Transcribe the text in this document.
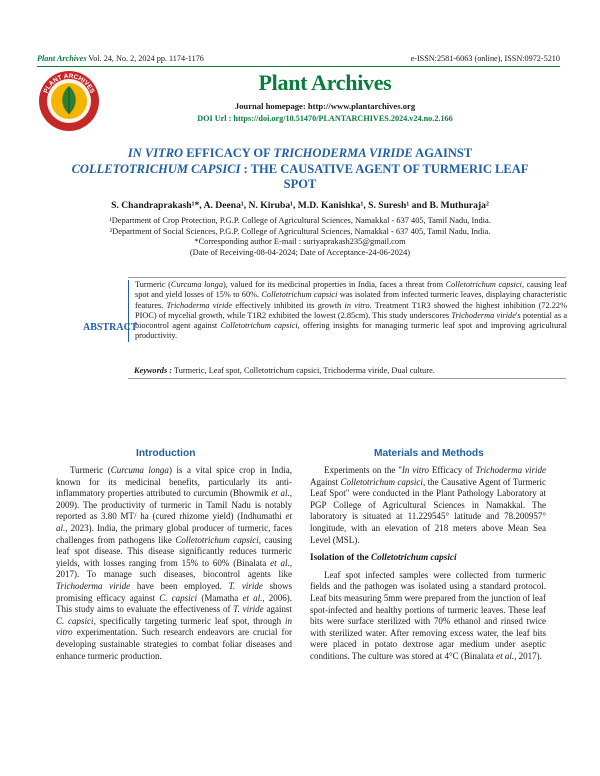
Plant Archives Vol. 24, No. 2, 2024 pp. 1174-1176	e-ISSN:2581-6063 (online), ISSN:0972-5210
PLANT ARCHIVES	Plant Archives
Journal homepage: http://www.plantarchives.org
DOI Url : https://doi.org/10.51470/PLANTARCHIVES.2024.v24.no.2.166
IN VITRO EFFICACY OF TRICHODERMA VIRIDE AGAINST
COLLETOTRICHUM CAPSICI : THE CAUSATIVE AGENT OF TURMERIC LEAF SPOT
S. Chandraprakash¹*, A. Deena¹, N. Kiruba¹, M.D. Kanishka¹, S. Suresh¹ and B. Muthuraja²
¹Department of Crop Protection, P.G.P. College of Agricultural Sciences, Namakkal - 637 405, Tamil Nadu, India.
²Department of Social Sciences, P.G.P. College of Agricultural Sciences, Namakkal - 637 405, Tamil Nadu, India.
*Corresponding author E-mail : suriyaprakash235@gmail.com
(Date of Receiving-08-04-2024; Date of Acceptance-24-06-2024)
ABSTRACT
Turmeric (Curcuma longa), valued for its medicinal properties in India, faces a threat from Colletotrichum capsici, causing leaf spot and yield losses of 15% to 60%. Colletotrichum capsici was isolated from infected turmeric leaves, displaying characteristic features. Trichoderma viride effectively inhibited its growth in vitro. Treatment T1R3 showed the highest inhibition (72.22% PIOC) of mycelial growth, while T1R2 exhibited the lowest (2.85cm). This study underscores Trichoderma viride's potential as a biocontrol agent against Colletotrichum capsici, offering insights for managing turmeric leaf spot and improving agricultural productivity.
Keywords : Turmeric, Leaf spot, Colletotrichum capsici, Trichoderma viride, Dual culture.
Introduction	Materials and Methods

Turmeric (Curcuma longa) is a vital spice crop in India, known for its medicinal benefits, particularly its anti-inflammatory properties attributed to curcumin (Bhowmik et al., 2009). The productivity of turmeric in Tamil Nadu is notably reported as 3.80 MT/ ha (cured rhizome yield) (Indhumathi et al., 2023). India, the primary global producer of turmeric, faces challenges from pathogens like Colletotrichum capsici, causing leaf spot disease. This disease significantly reduces turmeric yields, with losses ranging from 15% to 60% (Binalata et al., 2017). To manage such diseases, biocontrol agents like Trichoderma viride have been employed. T. viride shows promising efficacy against C. capsici (Mamatha et al., 2006). This study aims to evaluate the effectiveness of T. viride against C. capsici, specifically targeting turmeric leaf spot, through in vitro experimentation. Such research endeavors are crucial for developing sustainable strategies to combat foliar diseases and enhance turmeric production.

Experiments on the "In vitro Efficacy of Trichoderma viride Against Colletotrichum capsici, the Causative Agent of Turmeric Leaf Spot" were conducted in the Plant Pathology Laboratory at PGP College of Agricultural Sciences in Namakkal. The laboratory is situated at 11.229545° latitude and 78.200957° longitude, with an elevation of 218 meters above Mean Sea Level (MSL).

Isolation of the Colletotrichum capsici

Leaf spot infected samples were collected from turmeric fields and the pathogen was isolated using a standard protocol. Leaf bits measuring 5mm were prepared from the junction of leaf spot-infected and healthy portions of turmeric leaves. These leaf bits were surface sterilized with 70% ethanol and rinsed twice with sterilized water. After removing excess water, the leaf bits were placed in potato dextrose agar medium under aseptic conditions. The culture was stored at 4°C (Binalata et al., 2017).
